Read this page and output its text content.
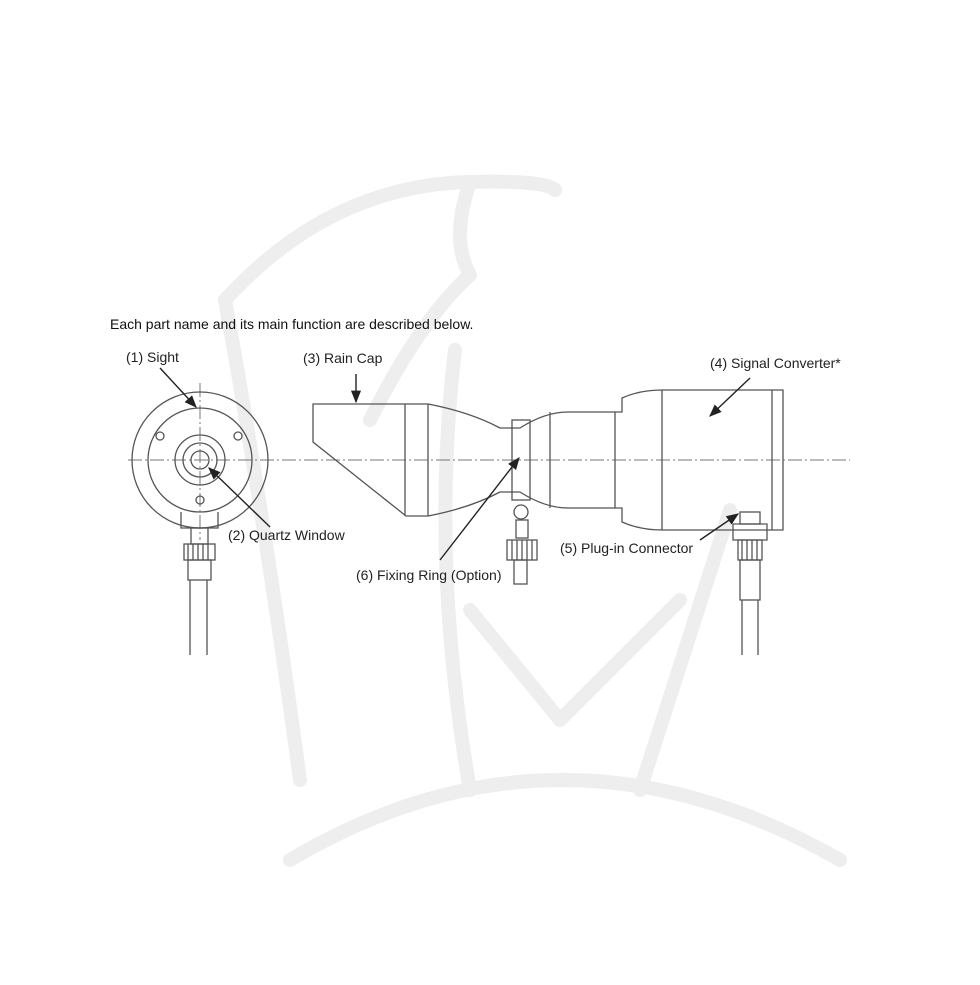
(1) Sight
(2) Quartz Window
(3) Rain Cap	(4) Signal Converter*
(5) Plug-in Connector
(6) Fixing Ring (Option)
Each part name and its main function are described below.
